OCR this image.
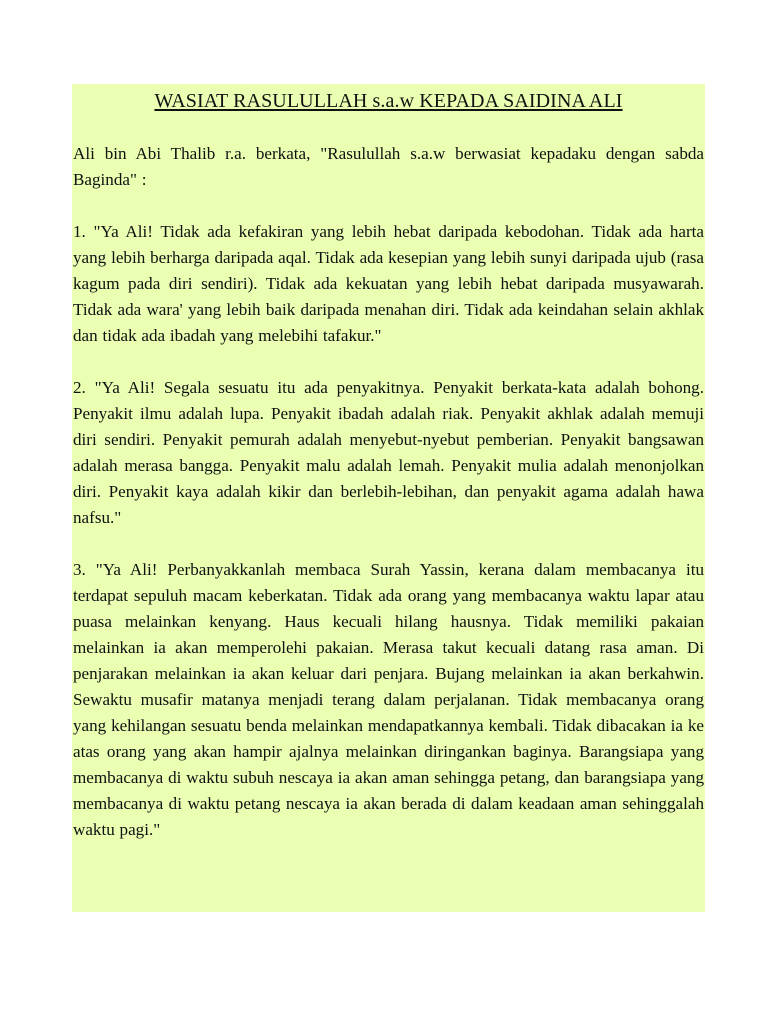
WASIAT RASULULLAH s.a.w KEPADA SAIDINA ALI

Ali bin Abi Thalib r.a. berkata, "Rasulullah s.a.w berwasiat kepadaku dengan sabda Baginda" :

1. "Ya Ali! Tidak ada kefakiran yang lebih hebat daripada kebodohan. Tidak ada harta yang lebih berharga daripada aqal. Tidak ada kesepian yang lebih sunyi daripada ujub (rasa kagum pada diri sendiri). Tidak ada kekuatan yang lebih hebat daripada musyawarah. Tidak ada wara' yang lebih baik daripada menahan diri. Tidak ada keindahan selain akhlak dan tidak ada ibadah yang melebihi tafakur."

2. "Ya Ali! Segala sesuatu itu ada penyakitnya. Penyakit berkata-kata adalah bohong. Penyakit ilmu adalah lupa. Penyakit ibadah adalah riak. Penyakit akhlak adalah memuji diri sendiri. Penyakit pemurah adalah menyebut-nyebut pemberian. Penyakit bangsawan adalah merasa bangga. Penyakit malu adalah lemah. Penyakit mulia adalah menonjolkan diri. Penyakit kaya adalah kikir dan berlebih-lebihan, dan penyakit agama adalah hawa nafsu."

3. "Ya Ali! Perbanyakkanlah membaca Surah Yassin, kerana dalam membacanya itu terdapat sepuluh macam keberkatan. Tidak ada orang yang membacanya waktu lapar atau puasa melainkan kenyang. Haus kecuali hilang hausnya. Tidak memiliki pakaian melainkan ia akan memperolehi pakaian. Merasa takut kecuali datang rasa aman. Di penjarakan melainkan ia akan keluar dari penjara. Bujang melainkan ia akan berkahwin. Sewaktu musafir matanya menjadi terang dalam perjalanan. Tidak membacanya orang yang kehilangan sesuatu benda melainkan mendapatkannya kembali. Tidak dibacakan ia ke atas orang yang akan hampir ajalnya melainkan diringankan baginya. Barangsiapa yang membacanya di waktu subuh nescaya ia akan aman sehingga petang, dan barangsiapa yang membacanya di waktu petang nescaya ia akan berada di dalam keadaan aman sehinggalah waktu pagi."
